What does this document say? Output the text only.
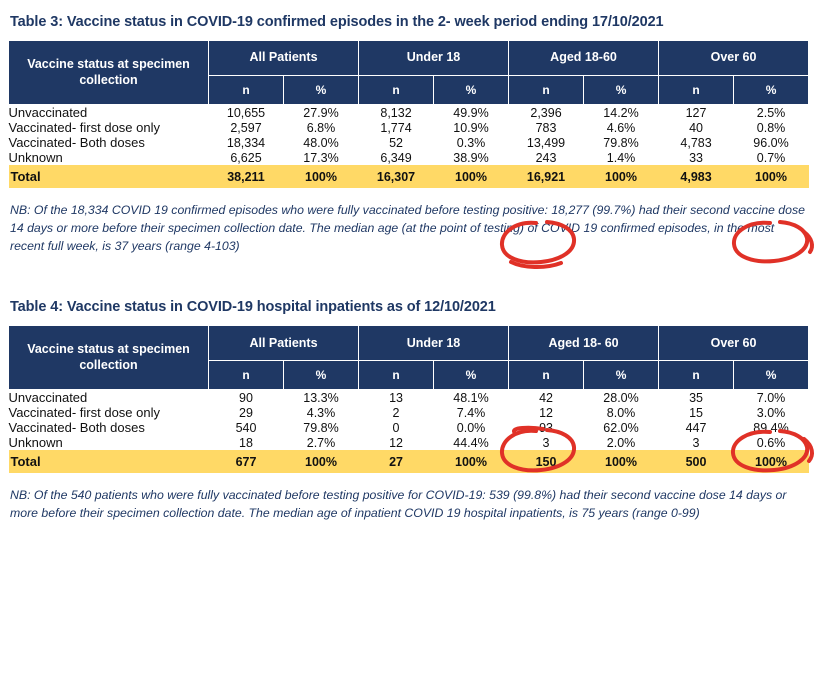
Table 3: Vaccine status in COVID-19 confirmed episodes in the 2- week period ending 17/10/2021
Vaccine status at specimen collection	All Patients		Under 18		Aged 18-60		Over 60	
	n	%	n	%	n	%	n	%
Unvaccinated	10,655	27.9%	8,132	49.9%	2,396	14.2%	127	2.5%
Vaccinated- first dose only	2,597	6.8%	1,774	10.9%	783	4.6%	40	0.8%
Vaccinated- Both doses	18,334	48.0%	52	0.3%	13,499	79.8%	4,783	96.0%
Unknown	6,625	17.3%	6,349	38.9%	243	1.4%	33	0.7%
Total	38,211	100%	16,307	100%	16,921	100%	4,983	100%
NB: Of the 18,334 COVID 19 confirmed episodes who were fully vaccinated before testing positive: 18,277 (99.7%) had their second vaccine dose 14 days or more before their specimen collection date. The median age (at the point of testing) of COVID 19 confirmed episodes, in the most recent full week, is 37 years (range 4-103)
Table 4: Vaccine status in COVID-19 hospital inpatients as of 12/10/2021
Vaccine status at specimen collection	All Patients		Under 18		Aged 18- 60		Over 60	
	n	%	n	%	n	%	n	%
Unvaccinated	90	13.3%	13	48.1%	42	28.0%	35	7.0%
Vaccinated- first dose only	29	4.3%	2	7.4%	12	8.0%	15	3.0%
Vaccinated- Both doses	540	79.8%	0	0.0%	93	62.0%	447	89.4%
Unknown	18	2.7%	12	44.4%	3	2.0%	3	0.6%
Total	677	100%	27	100%	150	100%	500	100%
NB: Of the 540 patients who were fully vaccinated before testing positive for COVID-19: 539 (99.8%) had their second vaccine dose 14 days or more before their specimen collection date. The median age of inpatient COVID 19 hospital inpatients, is 75 years (range 0-99)
